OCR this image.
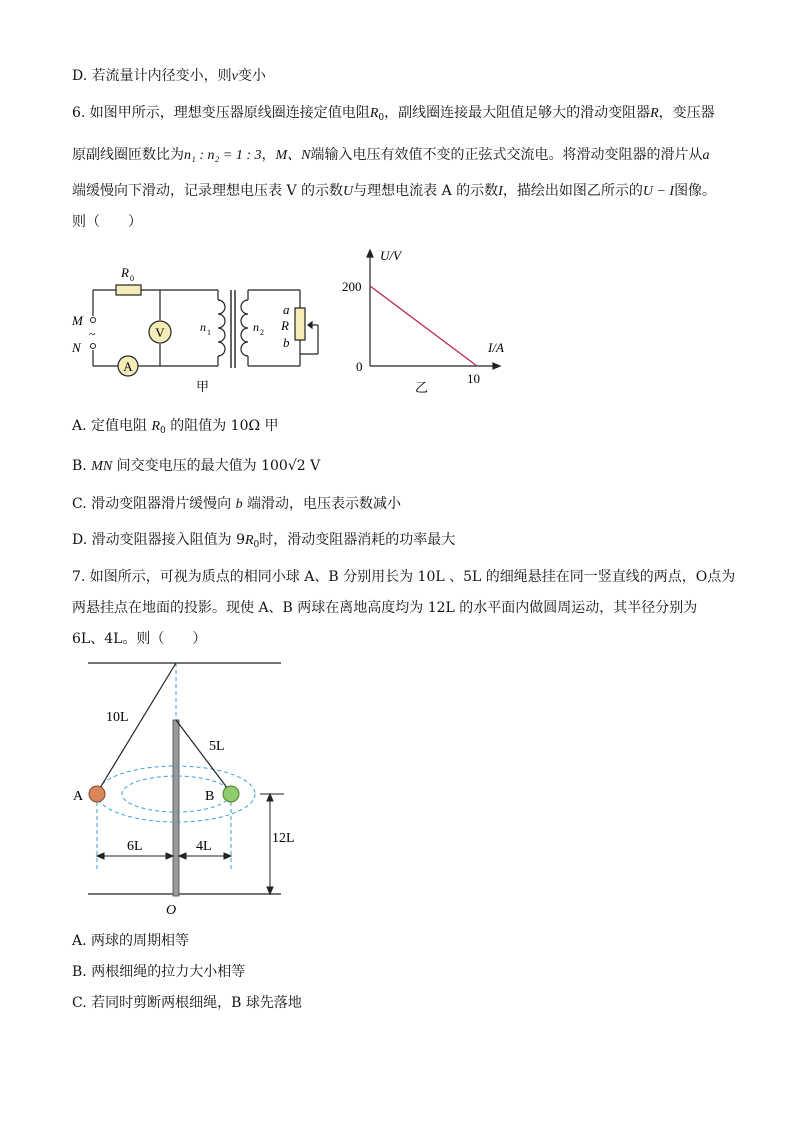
D. 若流量计内径变小，则v变小
6. 如图甲所示，理想变压器原线圈连接定值电阻$R_0$，副线圈连接最大阻值足够大的滑动变阻器R，变压器
原副线圈匝数比为n₁ : n₂ = 1 : 3，M、N端输入电压有效值不变的正弦式交流电。将滑动变阻器的滑片从a
端缓慢向下滑动，记录理想电压表 V 的示数U与理想电流表 A 的示数I，描绘出如图乙所示的U − I图像。
则（　　）
V
A
R 0
M
~
N
n 1	n 2
a
R
b
甲
U/V
I/A
200
0
10
乙
A. 定值电阻 $R_0$ 的阻值为 10Ω 甲
B. MN 间交变电压的最大值为 100√2 V
C. 滑动变阻器滑片缓慢向 b 端滑动，电压表示数减小
D. 滑动变阻器接入阻值为 $9R_0$时，滑动变阻器消耗的功率最大
7. 如图所示，可视为质点的相同小球 A、B 分别用长为 10L 、5L 的细绳悬挂在同一竖直线的两点，O点为
两悬挂点在地面的投影。现使 A、B 两球在离地高度均为 12L 的水平面内做圆周运动，其半径分别为
6L、4L。则（　　）
10L
5L
A	B
6L	4L
12L
O
A. 两球的周期相等
B. 两根细绳的拉力大小相等
C. 若同时剪断两根细绳，B 球先落地
